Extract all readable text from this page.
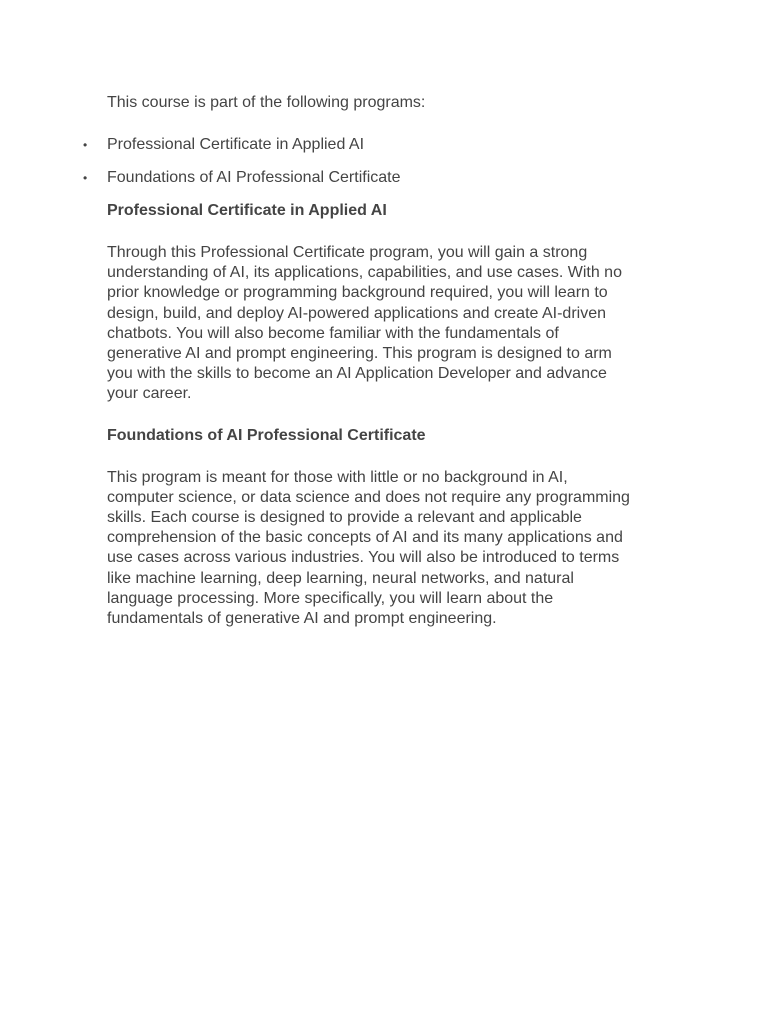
This course is part of the following programs:

• Professional Certificate in Applied AI
• Foundations of AI Professional Certificate
Professional Certificate in Applied AI

Through this Professional Certificate program, you will gain a strong
understanding of AI, its applications, capabilities, and use cases. With no
prior knowledge or programming background required, you will learn to
design, build, and deploy AI-powered applications and create AI-driven
chatbots. You will also become familiar with the fundamentals of
generative AI and prompt engineering. This program is designed to arm
you with the skills to become an AI Application Developer and advance
your career.

Foundations of AI Professional Certificate

This program is meant for those with little or no background in AI,
computer science, or data science and does not require any programming
skills. Each course is designed to provide a relevant and applicable
comprehension of the basic concepts of AI and its many applications and
use cases across various industries. You will also be introduced to terms
like machine learning, deep learning, neural networks, and natural
language processing. More specifically, you will learn about the
fundamentals of generative AI and prompt engineering.
